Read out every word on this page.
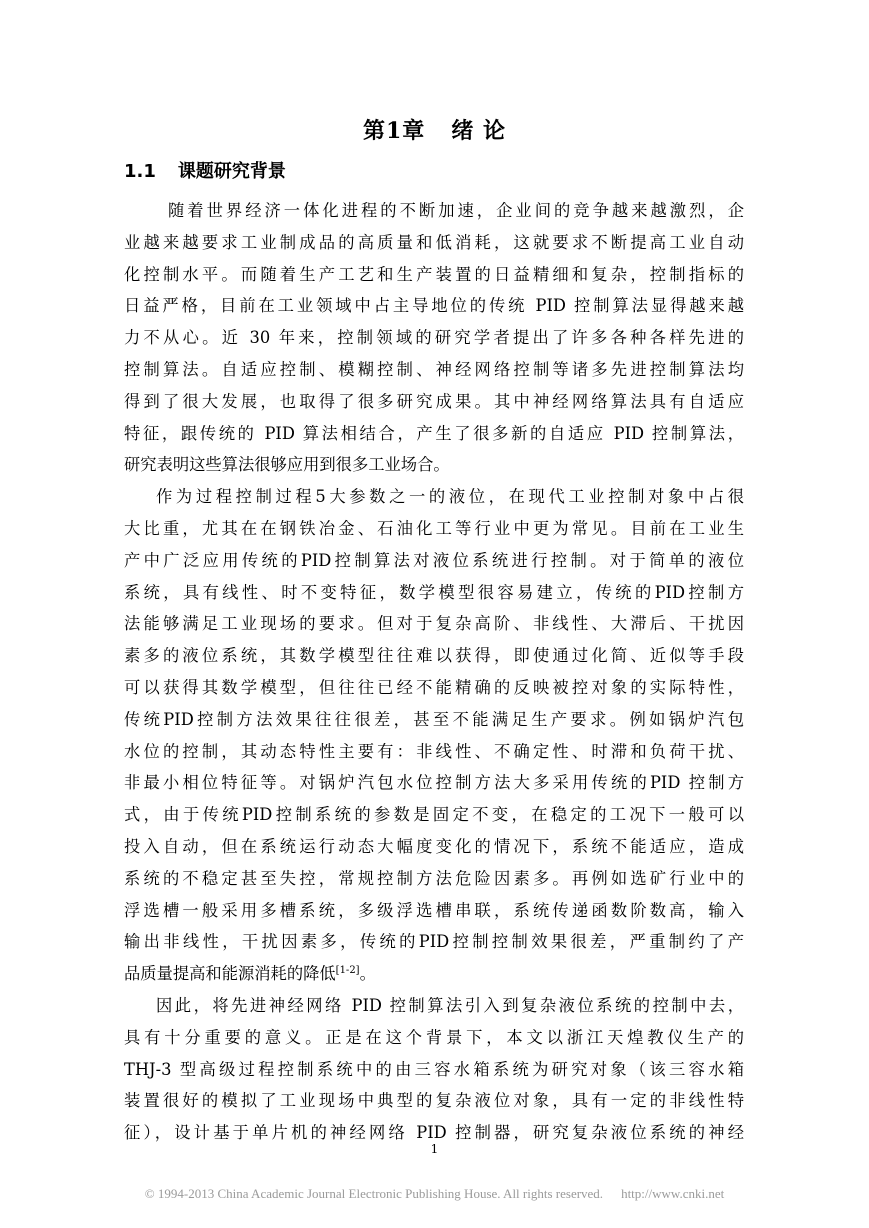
第1章 绪 论
1.1 课题研究背景
随着世界经济一体化进程的不断加速，企业间的竞争越来越激烈，企
业越来越要求工业制成品的高质量和低消耗，这就要求不断提高工业自动
化控制水平。而随着生产工艺和生产装置的日益精细和复杂，控制指标的
日益严格，目前在工业领域中占主导地位的传统 PID 控制算法显得越来越
力不从心。近 30 年来，控制领域的研究学者提出了许多各种各样先进的
控制算法。自适应控制、模糊控制、神经网络控制等诸多先进控制算法均
得到了很大发展，也取得了很多研究成果。其中神经网络算法具有自适应
特征，跟传统的 PID 算法相结合，产生了很多新的自适应 PID 控制算法，
研究表明这些算法很够应用到很多工业场合。
作为过程控制过程5大参数之一的液位，在现代工业控制对象中占很
大比重，尤其在在钢铁冶金、石油化工等行业中更为常见。目前在工业生
产中广泛应用传统的PID控制算法对液位系统进行控制。对于简单的液位
系统，具有线性、时不变特征，数学模型很容易建立，传统的PID控制方
法能够满足工业现场的要求。但对于复杂高阶、非线性、大滞后、干扰因
素多的液位系统，其数学模型往往难以获得，即使通过化简、近似等手段
可以获得其数学模型，但往往已经不能精确的反映被控对象的实际特性，
传统PID控制方法效果往往很差，甚至不能满足生产要求。例如锅炉汽包
水位的控制，其动态特性主要有：非线性、不确定性、时滞和负荷干扰、
非最小相位特征等。对锅炉汽包水位控制方法大多采用传统的PID 控制方
式，由于传统PID控制系统的参数是固定不变，在稳定的工况下一般可以
投入自动，但在系统运行动态大幅度变化的情况下，系统不能适应，造成
系统的不稳定甚至失控，常规控制方法危险因素多。再例如选矿行业中的
浮选槽一般采用多槽系统，多级浮选槽串联，系统传递函数阶数高，输入
输出非线性，干扰因素多，传统的PID控制控制效果很差，严重制约了产
品质量提高和能源消耗的降低[1-2]。
因此，将先进神经网络 PID 控制算法引入到复杂液位系统的控制中去，
具有十分重要的意义。正是在这个背景下，本文以浙江天煌教仪生产的
THJ-3 型高级过程控制系统中的由三容水箱系统为研究对象（该三容水箱
装置很好的模拟了工业现场中典型的复杂液位对象，具有一定的非线性特
征），设计基于单片机的神经网络 PID 控制器，研究复杂液位系统的神经
1
© 1994-2013 China Academic Journal Electronic Publishing House. All rights reserved. http://www.cnki.net
